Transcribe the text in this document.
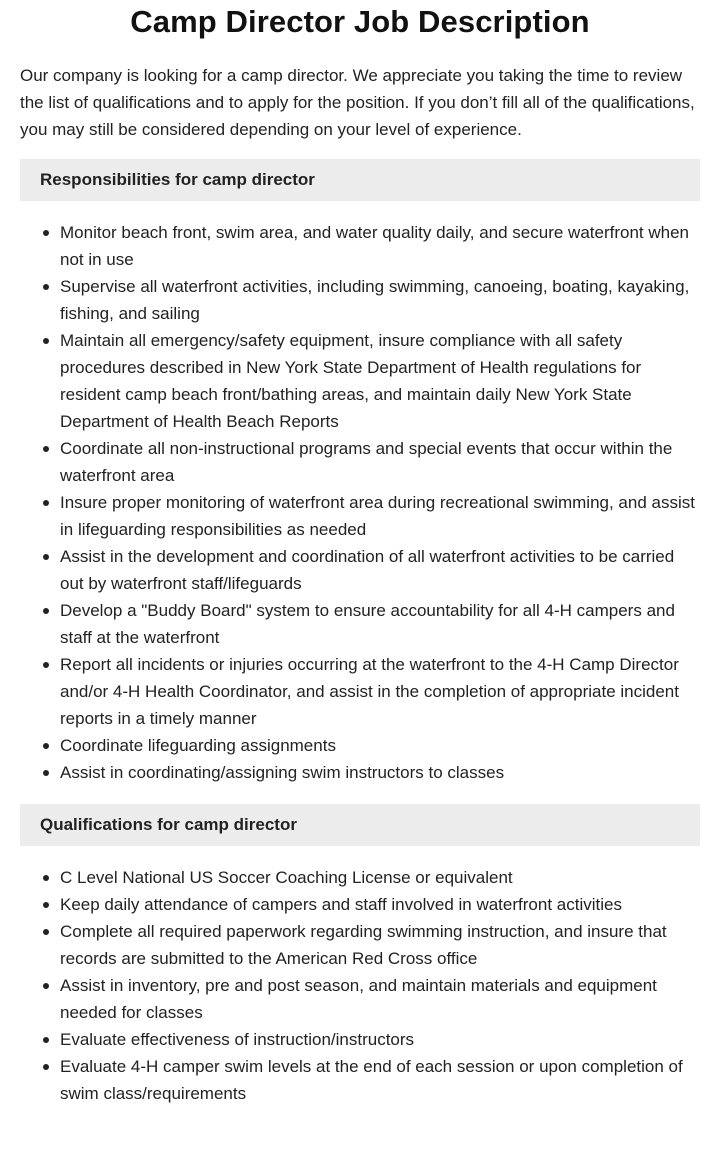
Camp Director Job Description

Our company is looking for a camp director. We appreciate you taking the time to review the list of qualifications and to apply for the position. If you don’t fill all of the qualifications, you may still be considered depending on your level of experience.

Responsibilities for camp director
Monitor beach front, swim area, and water quality daily, and secure waterfront when not in use
Supervise all waterfront activities, including swimming, canoeing, boating, kayaking, fishing, and sailing
Maintain all emergency/safety equipment, insure compliance with all safety procedures described in New York State Department of Health regulations for resident camp beach front/bathing areas, and maintain daily New York State Department of Health Beach Reports
Coordinate all non-instructional programs and special events that occur within the waterfront area
Insure proper monitoring of waterfront area during recreational swimming, and assist in lifeguarding responsibilities as needed
Assist in the development and coordination of all waterfront activities to be carried out by waterfront staff/lifeguards
Develop a "Buddy Board" system to ensure accountability for all 4-H campers and staff at the waterfront
Report all incidents or injuries occurring at the waterfront to the 4-H Camp Director and/or 4-H Health Coordinator, and assist in the completion of appropriate incident reports in a timely manner
Coordinate lifeguarding assignments
Assist in coordinating/assigning swim instructors to classes
Qualifications for camp director
C Level National US Soccer Coaching License or equivalent
Keep daily attendance of campers and staff involved in waterfront activities
Complete all required paperwork regarding swimming instruction, and insure that records are submitted to the American Red Cross office
Assist in inventory, pre and post season, and maintain materials and equipment needed for classes
Evaluate effectiveness of instruction/instructors
Evaluate 4-H camper swim levels at the end of each session or upon completion of swim class/requirements
